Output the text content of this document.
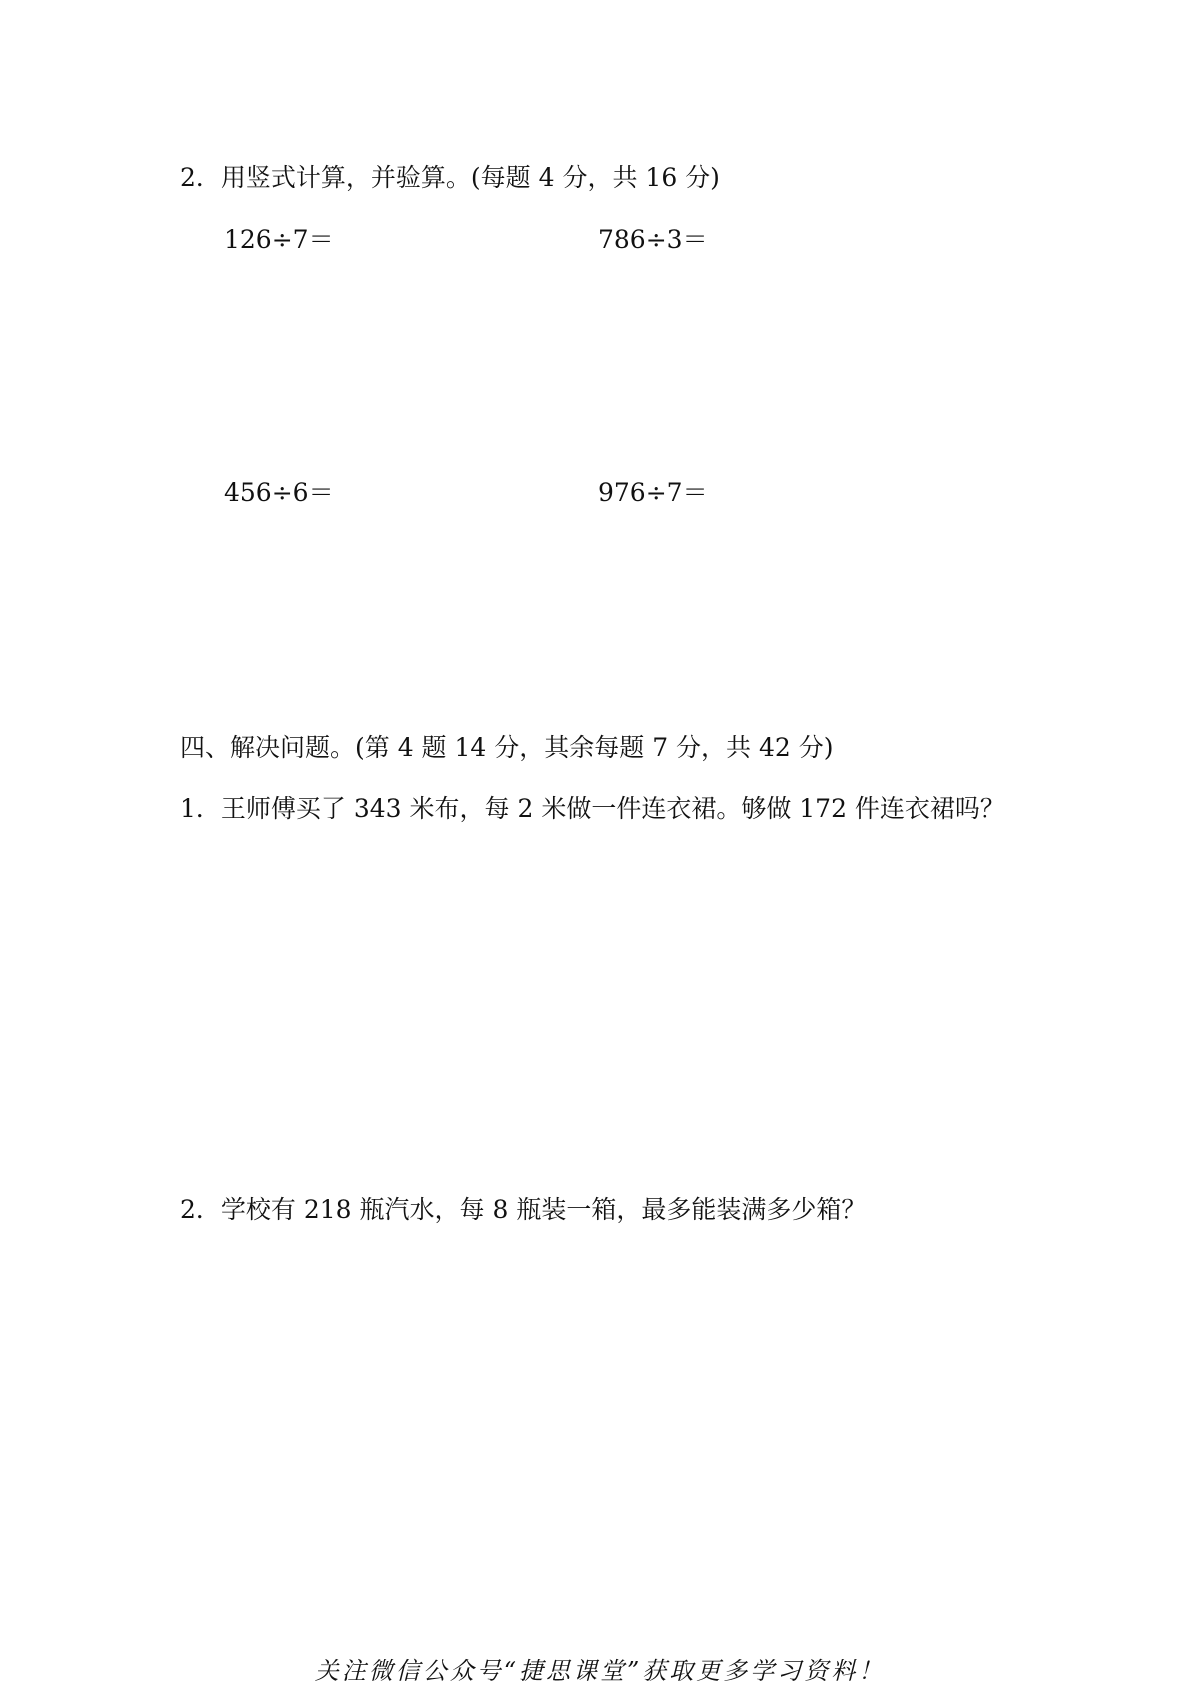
2．用竖式计算，并验算。(每题 4 分，共 16 分)
126÷7＝	786÷3＝
456÷6＝	976÷7＝
四、解决问题。(第 4 题 14 分，其余每题 7 分，共 42 分)
1．王师傅买了 343 米布，每 2 米做一件连衣裙。够做 172 件连衣裙吗？
2．学校有 218 瓶汽水，每 8 瓶装一箱，最多能装满多少箱？
关注微信公众号“捷思课堂”获取更多学习资料！
